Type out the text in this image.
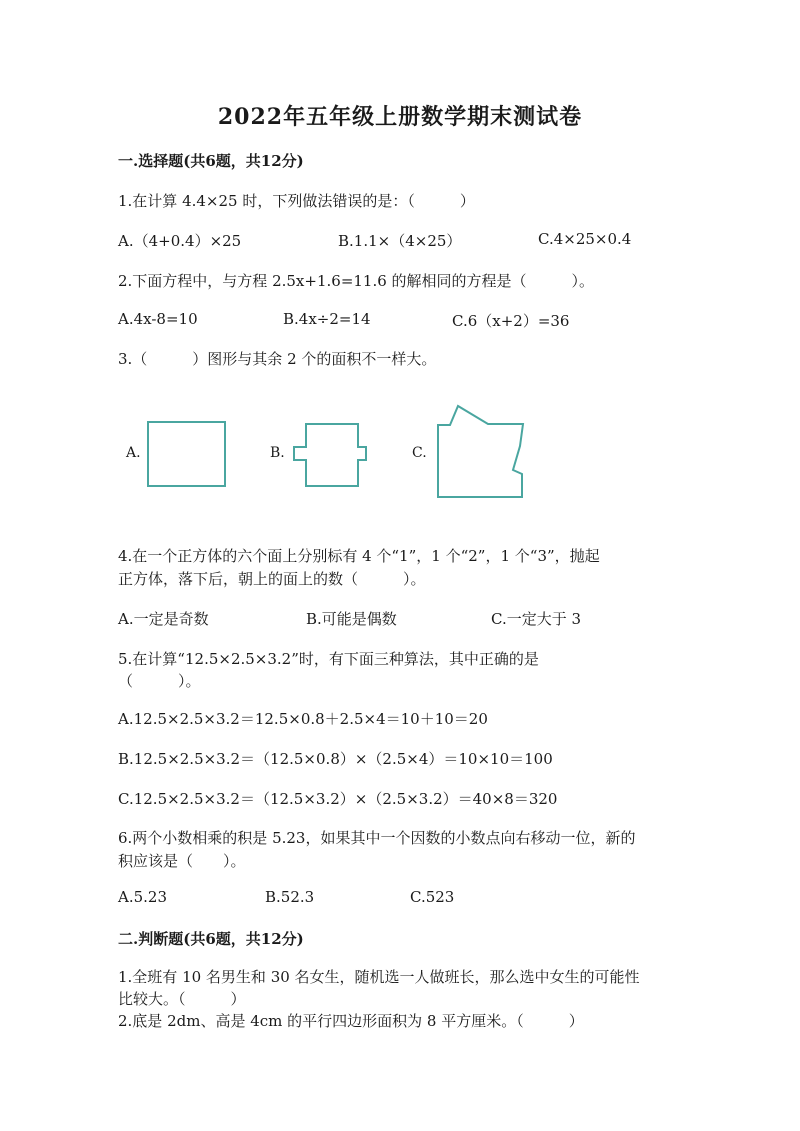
2022年五年级上册数学期末测试卷
一.选择题(共6题，共12分)
1.在计算 4.4×25 时，下列做法错误的是：（　　　）
A.（4+0.4）×25	B.1.1×（4×25）	C.4×25×0.4
2.下面方程中，与方程 2.5x+1.6=11.6 的解相同的方程是（　　　）。
A.4x-8=10	B.4x÷2=14	C.6（x+2）=36
3.（　　　）图形与其余 2 个的面积不一样大。
A.	B.	C.
4.在一个正方体的六个面上分别标有 4 个“1”，1 个“2”，1 个“3”，抛起
正方体，落下后，朝上的面上的数（　　　）。
A.一定是奇数	B.可能是偶数	C.一定大于 3
5.在计算“12.5×2.5×3.2”时，有下面三种算法，其中正确的是
（　　　）。
A.12.5×2.5×3.2＝12.5×0.8＋2.5×4＝10＋10＝20
B.12.5×2.5×3.2＝（12.5×0.8）×（2.5×4）＝10×10＝100
C.12.5×2.5×3.2＝（12.5×3.2）×（2.5×3.2）＝40×8＝320
6.两个小数相乘的积是 5.23，如果其中一个因数的小数点向右移动一位，新的
积应该是（　　）。
A.5.23	B.52.3	C.523
二.判断题(共6题，共12分)
1.全班有 10 名男生和 30 名女生，随机选一人做班长，那么选中女生的可能性
比较大。（　　　）
2.底是 2dm、高是 4cm 的平行四边形面积为 8 平方厘米。（　　　）
